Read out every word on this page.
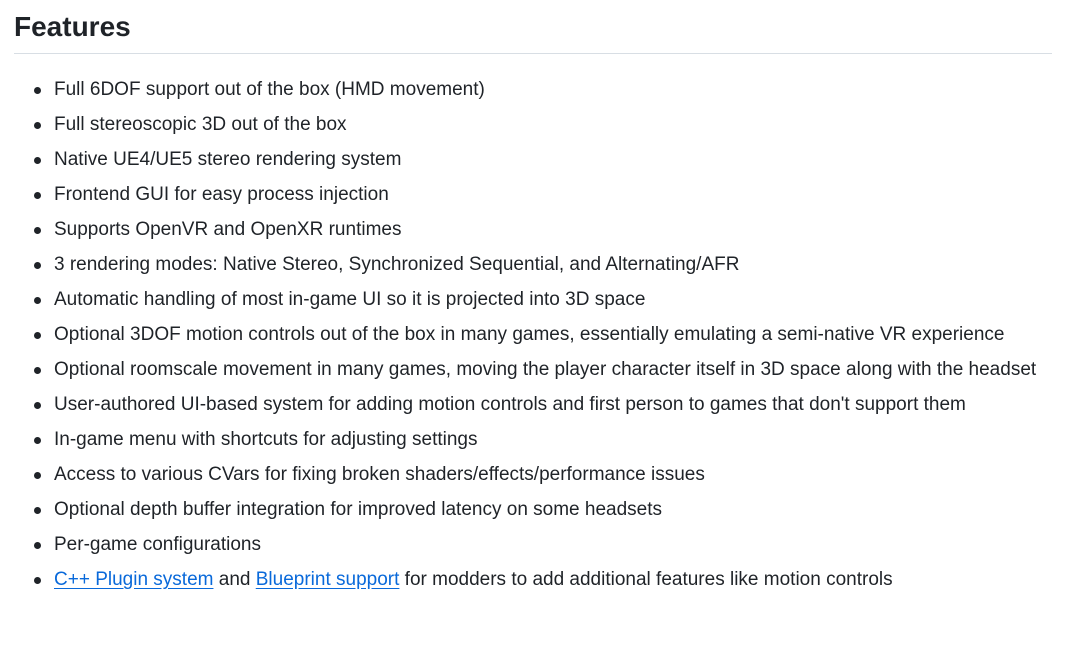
Features
Full 6DOF support out of the box (HMD movement)
Full stereoscopic 3D out of the box
Native UE4/UE5 stereo rendering system
Frontend GUI for easy process injection
Supports OpenVR and OpenXR runtimes
3 rendering modes: Native Stereo, Synchronized Sequential, and Alternating/AFR
Automatic handling of most in-game UI so it is projected into 3D space
Optional 3DOF motion controls out of the box in many games, essentially emulating a semi-native VR experience
Optional roomscale movement in many games, moving the player character itself in 3D space along with the headset
User-authored UI-based system for adding motion controls and first person to games that don't support them
In-game menu with shortcuts for adjusting settings
Access to various CVars for fixing broken shaders/effects/performance issues
Optional depth buffer integration for improved latency on some headsets
Per-game configurations
C++ Plugin system and Blueprint support for modders to add additional features like motion controls
